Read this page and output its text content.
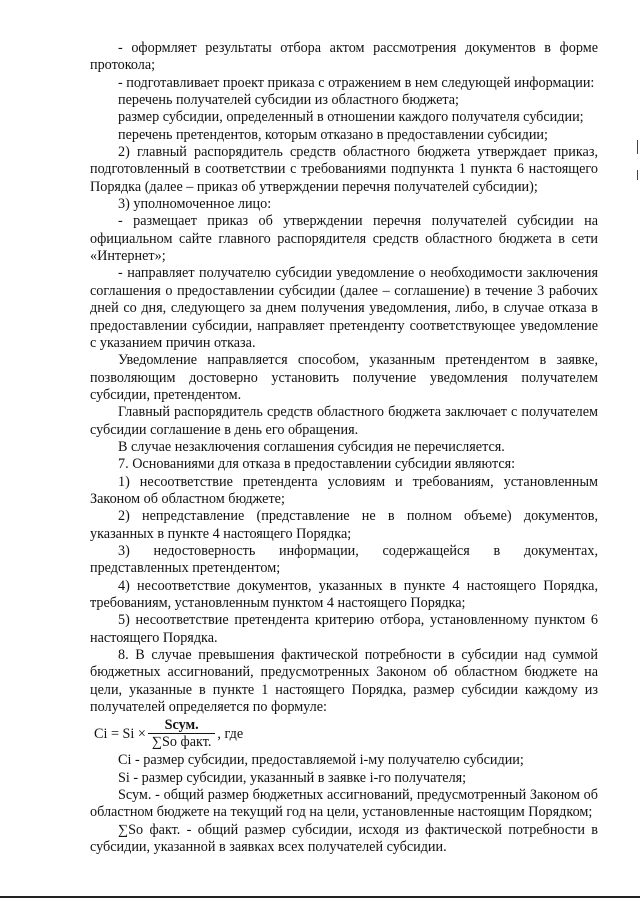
- оформляет результаты отбора актом рассмотрения документов в форме протокола;

- подготавливает проект приказа с отражением в нем следующей информации:

перечень получателей субсидии из областного бюджета;

размер субсидии, определенный в отношении каждого получателя субсидии;

перечень претендентов, которым отказано в предоставлении субсидии;

2) главный распорядитель средств областного бюджета утверждает приказ, подготовленный в соответствии с требованиями подпункта 1 пункта 6 настоящего Порядка (далее – приказ об утверждении перечня получателей субсидии);

3) уполномоченное лицо:

- размещает приказ об утверждении перечня получателей субсидии на официальном сайте главного распорядителя средств областного бюджета в сети «Интернет»;

- направляет получателю субсидии уведомление о необходимости заключения соглашения о предоставлении субсидии (далее – соглашение) в течение 3 рабочих дней со дня, следующего за днем получения уведомления, либо, в случае отказа в предоставлении субсидии, направляет претенденту соответствующее уведомление с указанием причин отказа.

Уведомление направляется способом, указанным претендентом в заявке, позволяющим достоверно установить получение уведомления получателем субсидии, претендентом.

Главный распорядитель средств областного бюджета заключает с получателем субсидии соглашение в день его обращения.

В случае незаключения соглашения субсидия не перечисляется.

7. Основаниями для отказа в предоставлении субсидии являются:

1) несоответствие претендента условиям и требованиям, установленным Законом об областном бюджете;

2) непредставление (представление не в полном объеме) документов, указанных в пункте 4 настоящего Порядка;

3) недостоверность информации, содержащейся в документах, представленных претендентом;

4) несоответствие документов, указанных в пункте 4 настоящего Порядка, требованиям, установленным пунктом 4 настоящего Порядка;

5) несоответствие претендента критерию отбора, установленному пунктом 6 настоящего Порядка.

8. В случае превышения фактической потребности в субсидии над суммой бюджетных ассигнований, предусмотренных Законом об областном бюджете на цели, указанные в пункте 1 настоящего Порядка, размер субсидии каждому из получателей определяется по формуле:

$Ci = Si \times \frac{\text{Sсум.}}{\text{∑So факт.}}$ , где

Ci - размер субсидии, предоставляемой i-му получателю субсидии;

Si - размер субсидии, указанный в заявке i-го получателя;

Sсум. - общий размер бюджетных ассигнований, предусмотренный Законом об областном бюджете на текущий год на цели, установленные настоящим Порядком;

∑So факт. - общий размер субсидии, исходя из фактической потребности в субсидии, указанной в заявках всех получателей субсидии.
